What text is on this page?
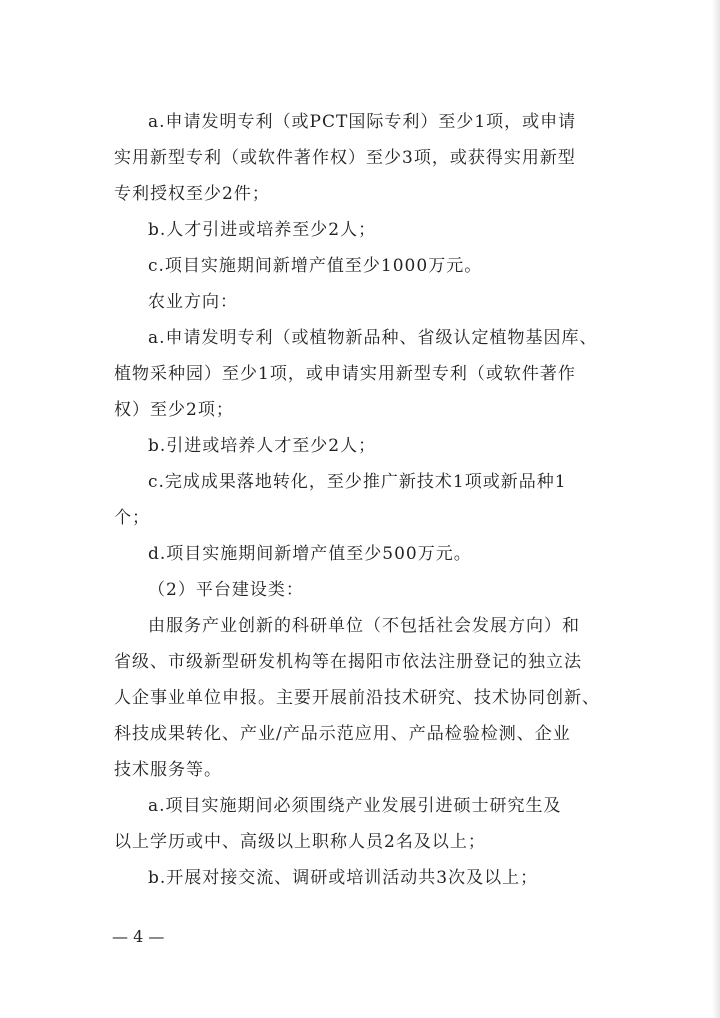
a.申请发明专利（或PCT国际专利）至少1项，或申请
实用新型专利（或软件著作权）至少3项，或获得实用新型
专利授权至少2件；
b.人才引进或培养至少2人；
c.项目实施期间新增产值至少1000万元。
农业方向：
a.申请发明专利（或植物新品种、省级认定植物基因库、
植物采种园）至少1项，或申请实用新型专利（或软件著作
权）至少2项；
b.引进或培养人才至少2人；
c.完成成果落地转化，至少推广新技术1项或新品种1
个；
d.项目实施期间新增产值至少500万元。
（2）平台建设类：
由服务产业创新的科研单位（不包括社会发展方向）和
省级、市级新型研发机构等在揭阳市依法注册登记的独立法
人企事业单位申报。主要开展前沿技术研究、技术协同创新、
科技成果转化、产业/产品示范应用、产品检验检测、企业
技术服务等。
a.项目实施期间必须围绕产业发展引进硕士研究生及
以上学历或中、高级以上职称人员2名及以上；
b.开展对接交流、调研或培训活动共3次及以上；
— 4 —
